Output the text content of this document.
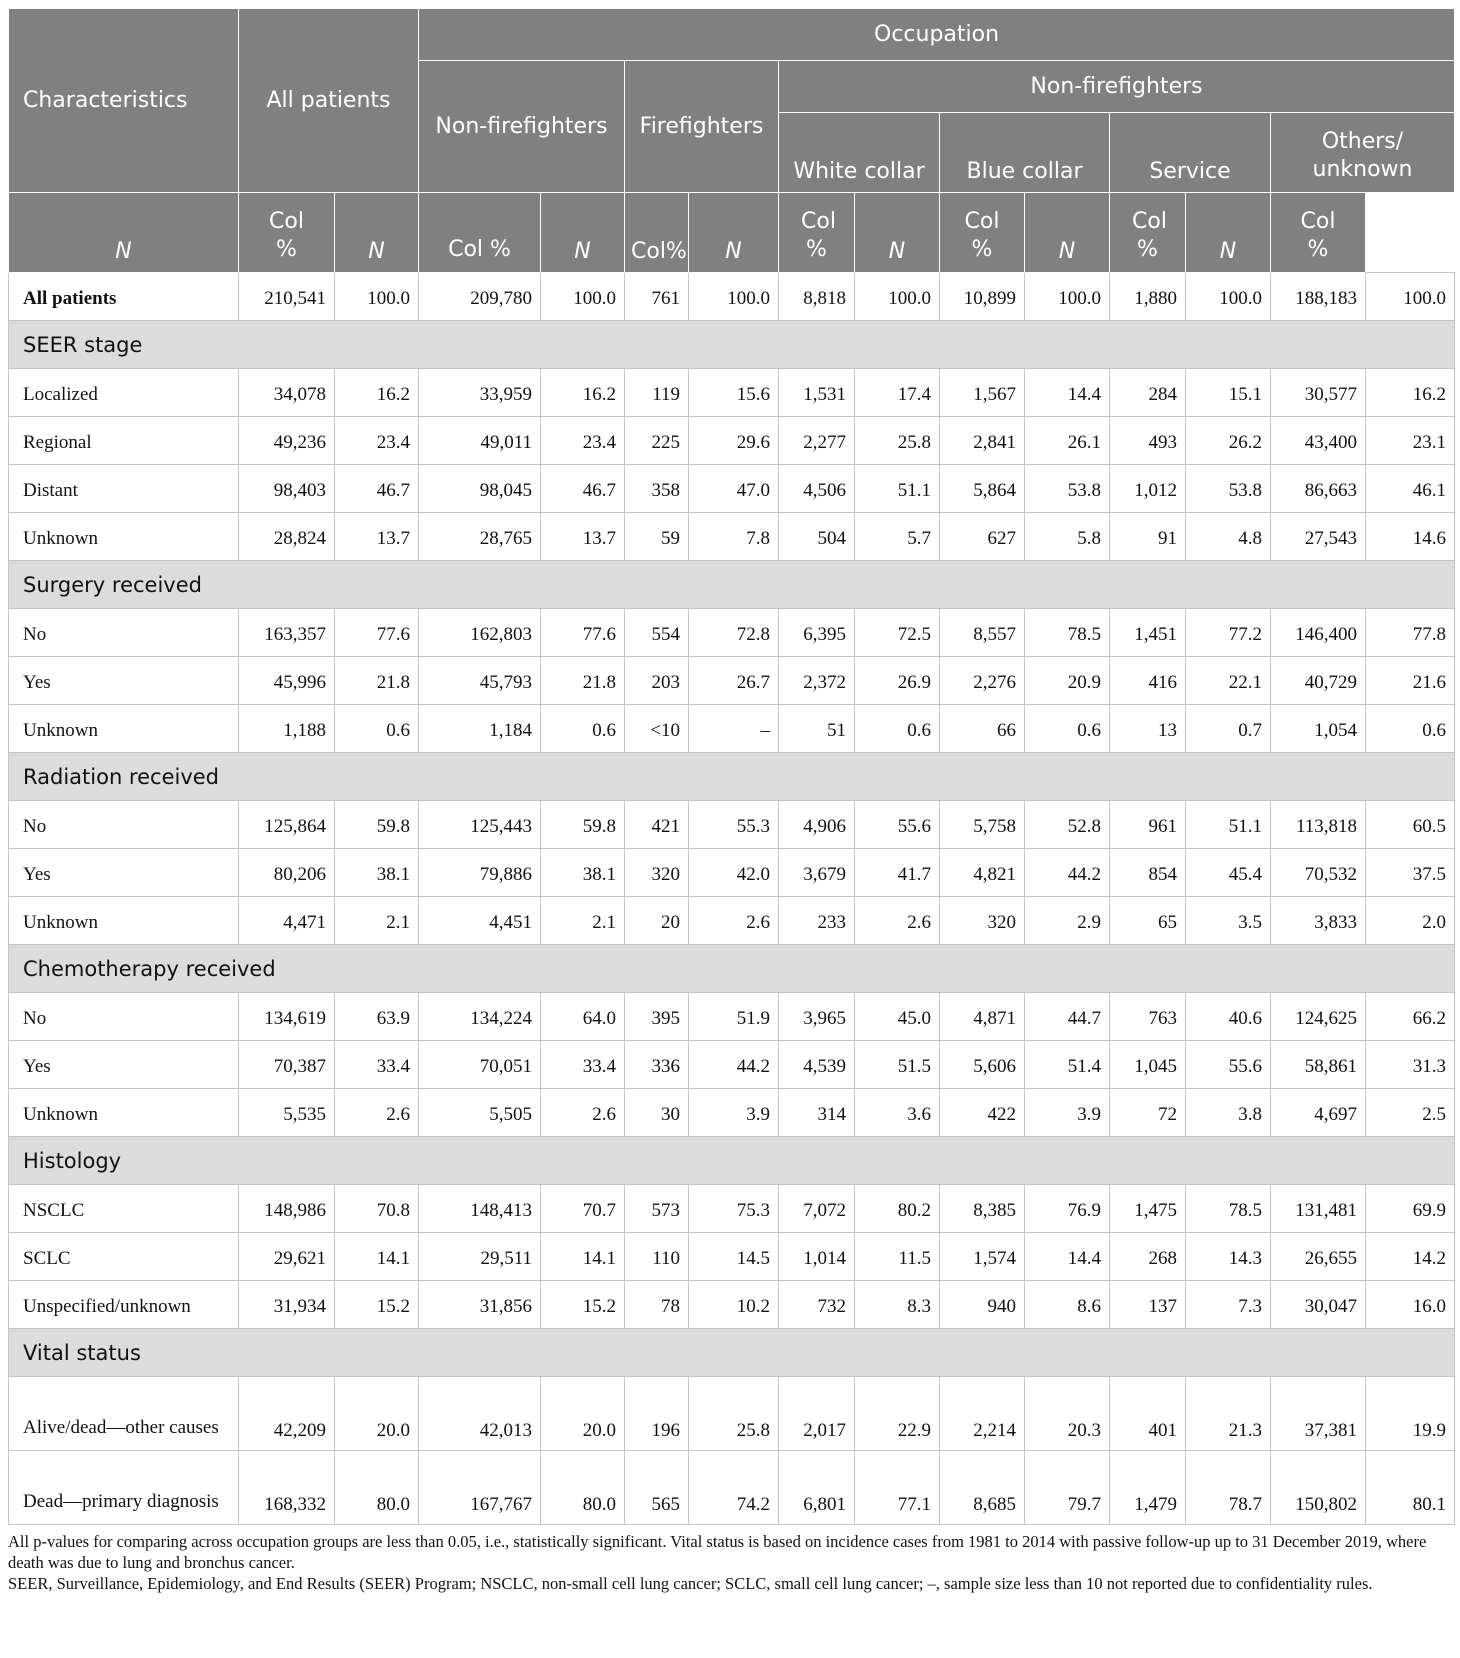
Characteristics	All patients		Occupation											
			Non-firefighters		Firefighters		Non-firefighters							
							White collar		Blue collar		Service		Others/ unknown	
N	Col %	N	Col %	N	Col%	N	Col %	N	Col %	N	Col %	N	Col %	
All patients	210,541	100.0	209,780	100.0	761	100.0	8,818	100.0	10,899	100.0	1,880	100.0	188,183	100.0
SEER stage														
Localized	34,078	16.2	33,959	16.2	119	15.6	1,531	17.4	1,567	14.4	284	15.1	30,577	16.2
Regional	49,236	23.4	49,011	23.4	225	29.6	2,277	25.8	2,841	26.1	493	26.2	43,400	23.1
Distant	98,403	46.7	98,045	46.7	358	47.0	4,506	51.1	5,864	53.8	1,012	53.8	86,663	46.1
Unknown	28,824	13.7	28,765	13.7	59	7.8	504	5.7	627	5.8	91	4.8	27,543	14.6
Surgery received														
No	163,357	77.6	162,803	77.6	554	72.8	6,395	72.5	8,557	78.5	1,451	77.2	146,400	77.8
Yes	45,996	21.8	45,793	21.8	203	26.7	2,372	26.9	2,276	20.9	416	22.1	40,729	21.6
Unknown	1,188	0.6	1,184	0.6	<10	–	51	0.6	66	0.6	13	0.7	1,054	0.6
Radiation received														
No	125,864	59.8	125,443	59.8	421	55.3	4,906	55.6	5,758	52.8	961	51.1	113,818	60.5
Yes	80,206	38.1	79,886	38.1	320	42.0	3,679	41.7	4,821	44.2	854	45.4	70,532	37.5
Unknown	4,471	2.1	4,451	2.1	20	2.6	233	2.6	320	2.9	65	3.5	3,833	2.0
Chemotherapy received														
No	134,619	63.9	134,224	64.0	395	51.9	3,965	45.0	4,871	44.7	763	40.6	124,625	66.2
Yes	70,387	33.4	70,051	33.4	336	44.2	4,539	51.5	5,606	51.4	1,045	55.6	58,861	31.3
Unknown	5,535	2.6	5,505	2.6	30	3.9	314	3.6	422	3.9	72	3.8	4,697	2.5
Histology														
NSCLC	148,986	70.8	148,413	70.7	573	75.3	7,072	80.2	8,385	76.9	1,475	78.5	131,481	69.9
SCLC	29,621	14.1	29,511	14.1	110	14.5	1,014	11.5	1,574	14.4	268	14.3	26,655	14.2
Unspecified/unknown	31,934	15.2	31,856	15.2	78	10.2	732	8.3	940	8.6	137	7.3	30,047	16.0
Vital status														
Alive/dead—other causes	42,209	20.0	42,013	20.0	196	25.8	2,017	22.9	2,214	20.3	401	21.3	37,381	19.9
Dead—primary diagnosis	168,332	80.0	167,767	80.0	565	74.2	6,801	77.1	8,685	79.7	1,479	78.7	150,802	80.1

All p-values for comparing across occupation groups are less than 0.05, i.e., statistically significant. Vital status is based on incidence cases from 1981 to 2014 with passive follow-up up to 31 December 2019, where death was due to lung and bronchus cancer.

SEER, Surveillance, Epidemiology, and End Results (SEER) Program; NSCLC, non-small cell lung cancer; SCLC, small cell lung cancer; –, sample size less than 10 not reported due to confidentiality rules.
